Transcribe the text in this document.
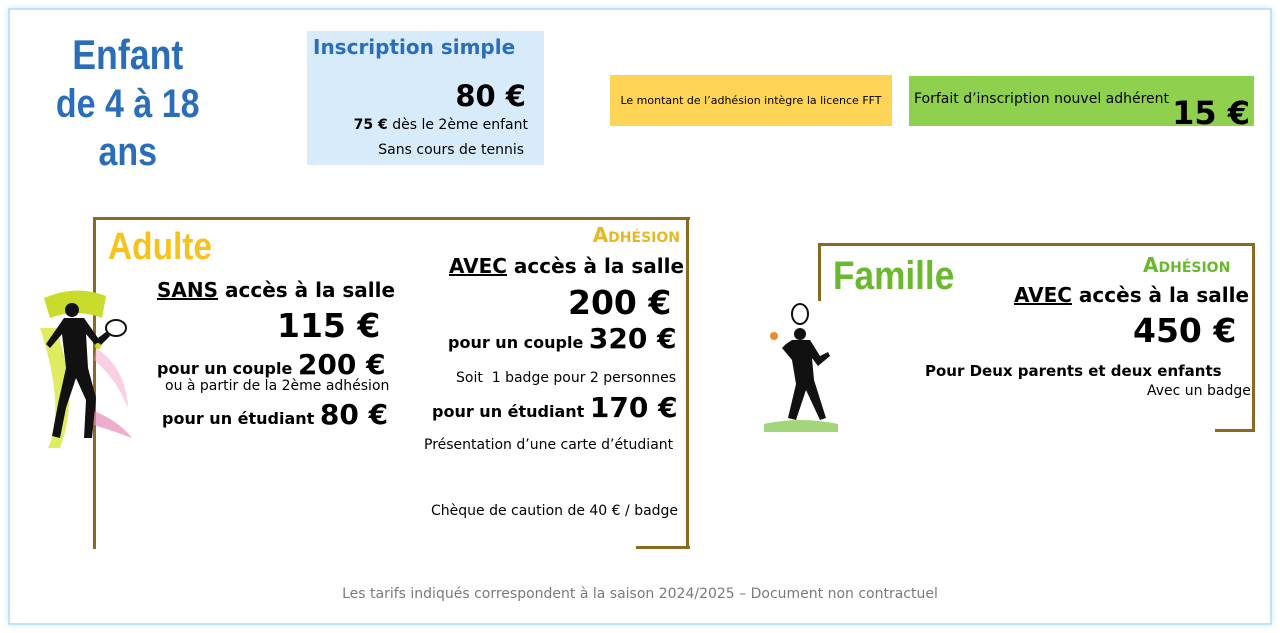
Enfant
de 4 à 18 ans
Inscription simple
80 €
75 € dès le 2ème enfant
Sans cours de tennis
Le montant de l’adhésion intègre la licence FFT Forfait d’inscription nouvel adhérent 15 €
Adulte	Adhésion
SANS accès à la salle
115 €
pour un couple 200 €
ou à partir de la 2ème adhésion
pour un étudiant 80 €
AVEC accès à la salle
200 €
pour un couple 320 €
Soit  1 badge pour 2 personnes
pour un étudiant 170 €
Présentation d’une carte d’étudiant
Chèque de caution de 40 € / badge
Famille	Adhésion
AVEC accès à la salle
450 €
Pour Deux parents et deux enfants
Avec un badge
Les tarifs indiqués correspondent à la saison 2024/2025 – Document non contractuel
